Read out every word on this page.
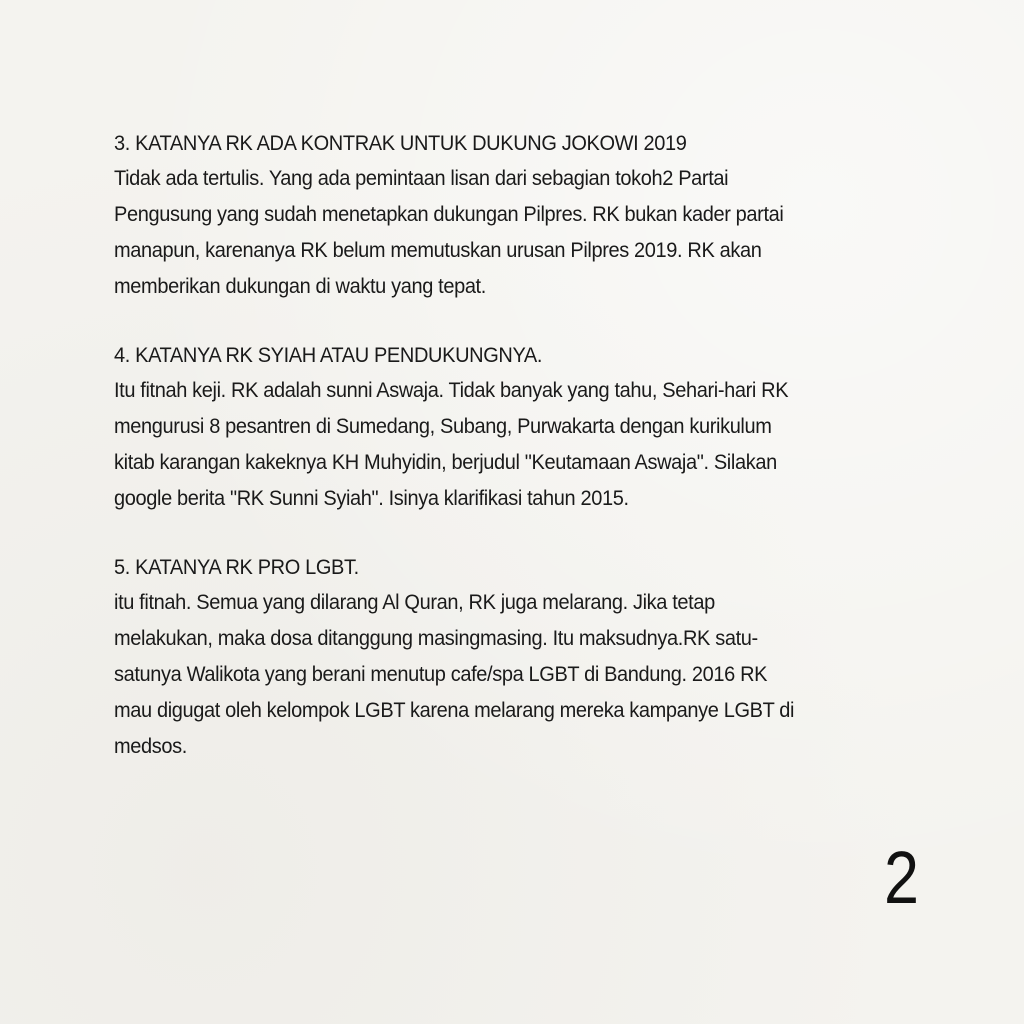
3. KATANYA RK ADA KONTRAK UNTUK DUKUNG JOKOWI 2019
Tidak ada tertulis. Yang ada pemintaan lisan dari sebagian tokoh2 Partai
Pengusung yang sudah menetapkan dukungan Pilpres. RK bukan kader partai
manapun, karenanya RK belum memutuskan urusan Pilpres 2019. RK akan
memberikan dukungan di waktu yang tepat.
4. KATANYA RK SYIAH ATAU PENDUKUNGNYA.
Itu fitnah keji. RK adalah sunni Aswaja. Tidak banyak yang tahu, Sehari-hari RK
mengurusi 8 pesantren di Sumedang, Subang, Purwakarta dengan kurikulum
kitab karangan kakeknya KH Muhyidin, berjudul "Keutamaan Aswaja". Silakan
google berita "RK Sunni Syiah". Isinya klarifikasi tahun 2015.
5. KATANYA RK PRO LGBT.
itu fitnah. Semua yang dilarang Al Quran, RK juga melarang. Jika tetap
melakukan, maka dosa ditanggung masingmasing. Itu maksudnya.RK satu-
satunya Walikota yang berani menutup cafe/spa LGBT di Bandung. 2016 RK
mau digugat oleh kelompok LGBT karena melarang mereka kampanye LGBT di
medsos.
2
